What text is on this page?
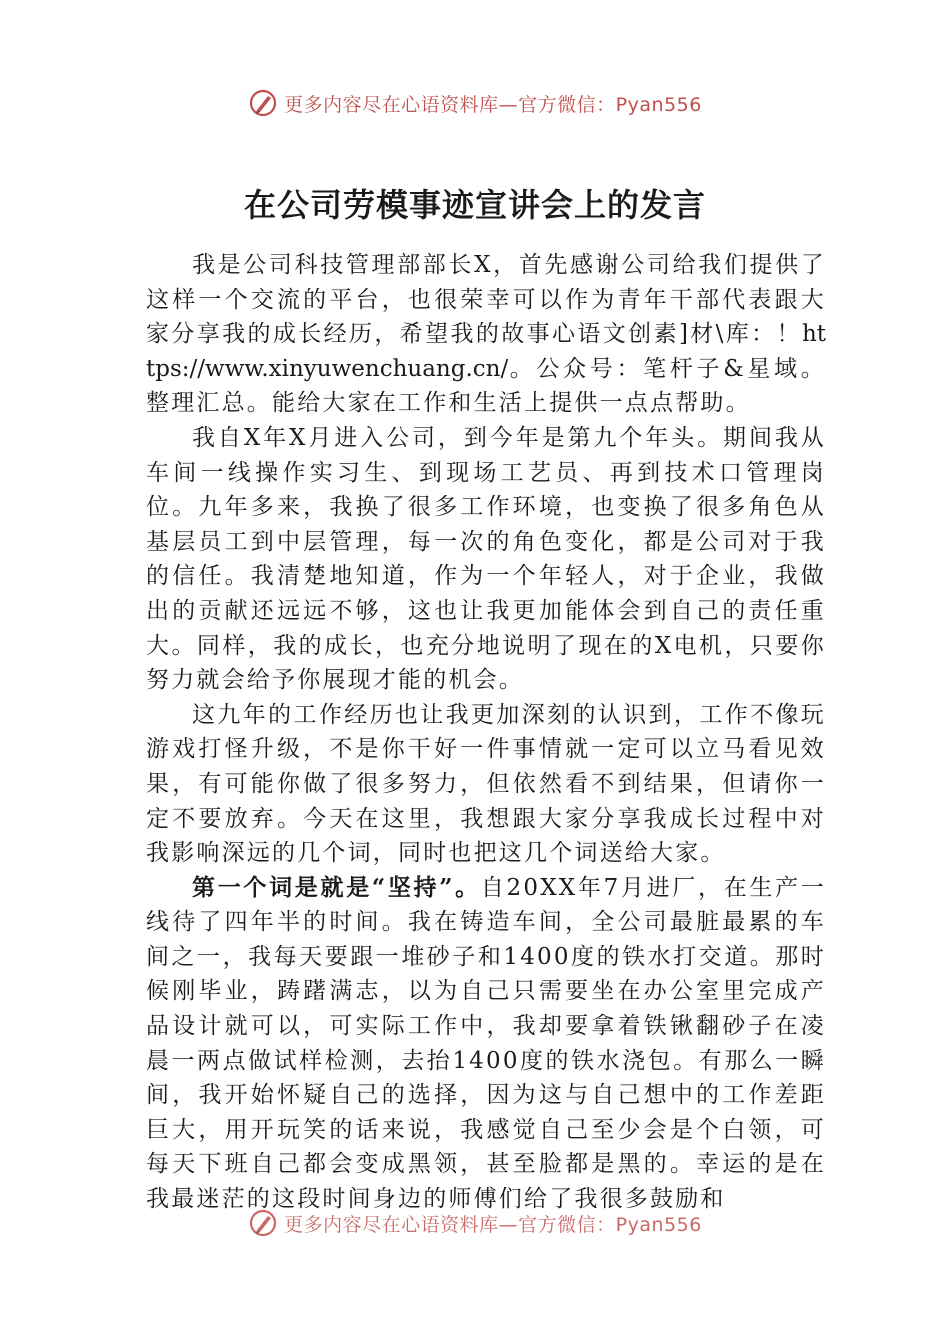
更多内容尽在心语资料库—官方微信：Pyan556
在公司劳模事迹宣讲会上的发言

我是公司科技管理部部长X，首先感谢公司给我们提供了这样一个交流的平台，也很荣幸可以作为青年干部代表跟大家分享我的成长经历，希望我的故事心语文创素]材\库：！https://www.xinyuwenchuang.cn/。公众号：笔杆子&星域。整理汇总。能给大家在工作和生活上提供一点点帮助。

我自X年X月进入公司，到今年是第九个年头。期间我从车间一线操作实习生、到现场工艺员、再到技术口管理岗位。九年多来，我换了很多工作环境，也变换了很多角色从基层员工到中层管理，每一次的角色变化，都是公司对于我的信任。我清楚地知道，作为一个年轻人，对于企业，我做出的贡献还远远不够，这也让我更加能体会到自己的责任重大。同样，我的成长，也充分地说明了现在的X电机，只要你努力就会给予你展现才能的机会。

这九年的工作经历也让我更加深刻的认识到，工作不像玩游戏打怪升级，不是你干好一件事情就一定可以立马看见效果，有可能你做了很多努力，但依然看不到结果，但请你一定不要放弃。今天在这里，我想跟大家分享我成长过程中对我影响深远的几个词，同时也把这几个词送给大家。

第一个词是就是“坚持”。自20XX年7月进厂，在生产一线待了四年半的时间。我在铸造车间，全公司最脏最累的车间之一，我每天要跟一堆砂子和1400度的铁水打交道。那时候刚毕业，踌躇满志，以为自己只需要坐在办公室里完成产品设计就可以，可实际工作中，我却要拿着铁锹翻砂子在凌晨一两点做试样检测，去抬1400度的铁水浇包。有那么一瞬间，我开始怀疑自己的选择，因为这与自己想中的工作差距巨大，用开玩笑的话来说，我感觉自己至少会是个白领，可每天下班自己都会变成黑领，甚至脸都是黑的。幸运的是在我最迷茫的这段时间身边的师傅们给了我很多鼓励和

更多内容尽在心语资料库—官方微信：Pyan556
